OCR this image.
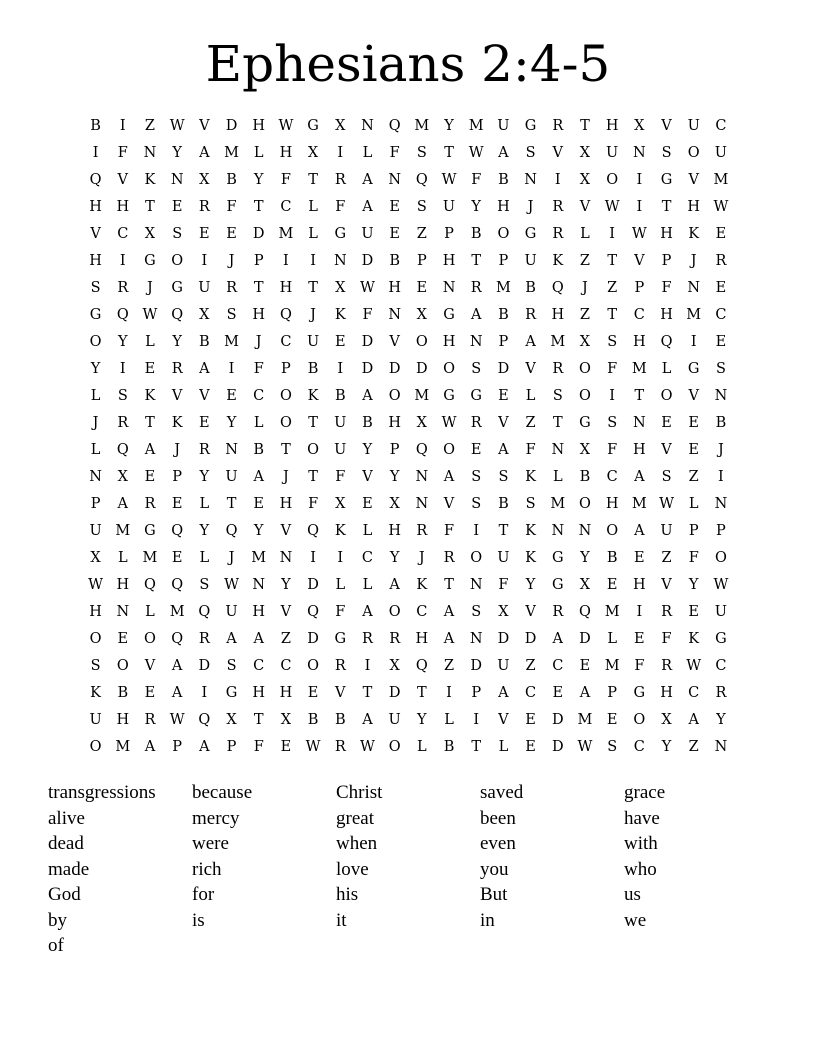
Ephesians 2:4-5
B	I	Z	W V	D	H W G	X	N	Q M	Y	M U	G	R	T	H	X	V	U	C
I	F	N	Y	A	M	L	H	X	I	L	F	S	T	W A	S	V	X	U	N	S	O	U
Q	V	K	N	X	B	Y	F	T	R	A	N	Q W	F	B	N	I	X	O	I	G	V	M
H	H	T	E	R	F	T	C	L	F	A	E	S	U	Y	H	J	R	V	W	I	T	H W
V	C	X	S	E	E	D M	L	G	U	E	Z	P	B	O	G	R	L	I	W H	K	E
H	I	G	O	I	J	P	I	I	N	D	B	P	H	T	P	U	K	Z	T	V	P	J	R
S	R	J	G	U	R	T	H	T	X	W H	E	N	R M B	Q	J	Z	P	F	N	E
G	Q W Q	X	S	H	Q	J	K	F	N	X	G	A	B	R	H	Z	T	C	H M C
O	Y	L	Y	B M	J	C	U	E	D	V	O	H	N	P	A	M	X	S	H	Q	I	E
Y	I	E	R	A	I	F	P	B	I	D	D	D	O	S	D	V	R	O	F	M	L	G	S
L	S	K	V	V	E	C	O	K	B	A	O M G	G	E	L	S	O	I	T	O	V	N
J	R	T	K	E	Y	L	O	T	U	B	H	X	W R	V	Z	T	G	S	N	E	E	B
L	Q	A	J	R	N	B	T	O	U	Y	P	Q	O	E	A	F	N	X	F	H	V	E	J
N	X	E	P	Y	U	A	J	T	F	V	Y	N	A	S	S	K	L	B	C	A	S	Z	I
P	A	R	E	L	T	E	H	F	X	E	X	N	V	S	B	S	M O	H M W	L	N
U M G	Q	Y	Q	Y	V	Q	K	L	H	R	F	I	T	K	N	N	O	A	U	P	P
X	L	M E	L	J	M N	I	I	C	Y	J	R	O	U	K	G	Y	B	E	Z	F	O
W H	Q	Q	S	W N	Y	D	L	L	A	K	T	N	F	Y	G	X	E	H	V	Y	W
H	N	L	M Q	U	H	V	Q	F	A	O	C	A	S	X	V	R	Q M	I	R	E	U
O	E	O	Q	R	A	A	Z	D	G	R	R	H	A	N	D	D	A	D	L	E	F	K	G
S	O	V	A	D	S	C	C	O	R	I	X	Q	Z	D	U	Z	C	E M	F	R W C
K	B	E	A	I	G	H	H	E	V	T	D	T	I	P	A	C	E	A	P	G	H	C	R
U	H	R W Q	X	T	X	B	B	A	U	Y	L	I	V	E	D M E	O	X	A	Y
O M	A	P	A	P	F	E W R W O	L	B	T	L	E	D W	S	C	Y	Z	N
transgressions
alive
dead
made
God
by
of
because
mercy
were
rich
for
is
Christ
great
when
love
his
it
saved
been
even
you
But
in
grace
have
with
who
us
we
